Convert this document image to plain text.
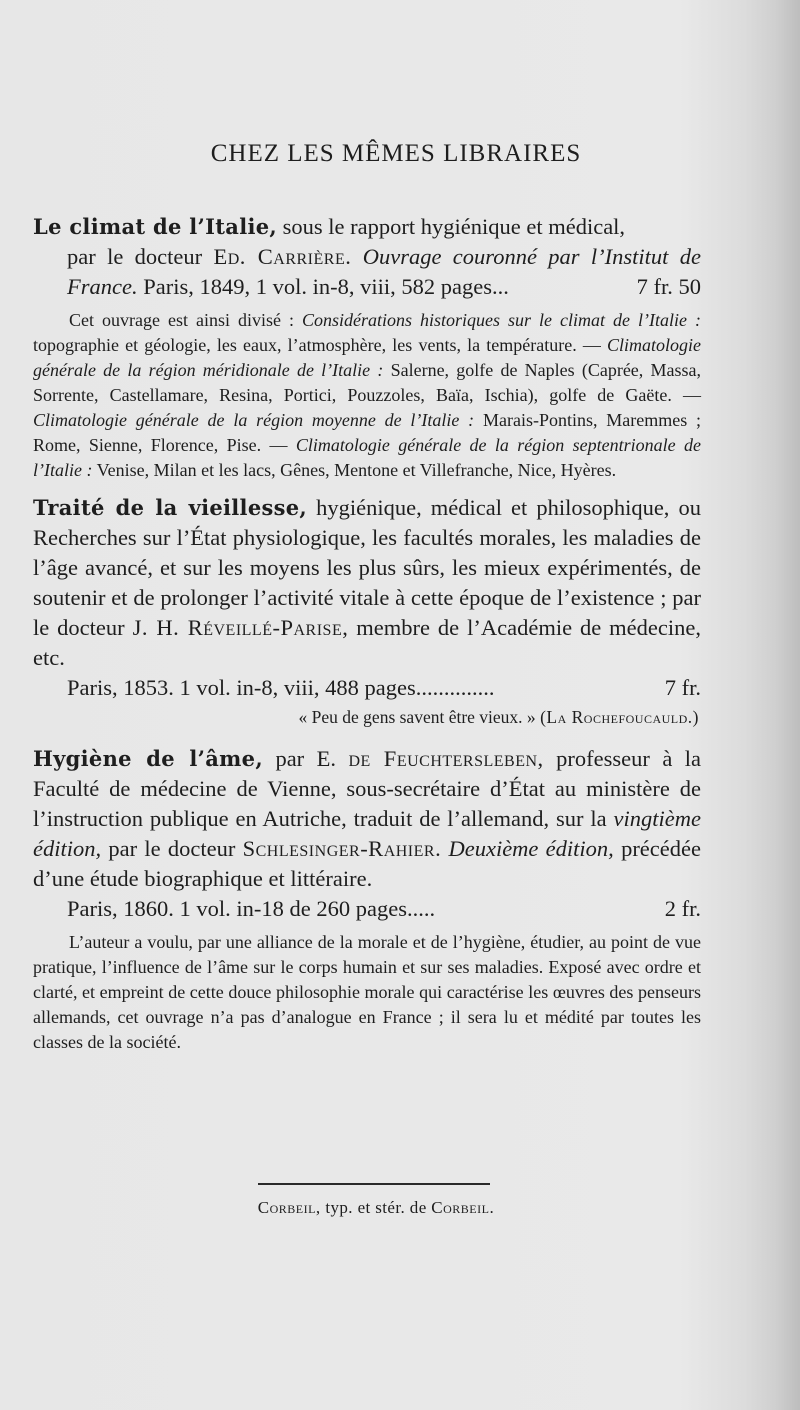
CHEZ LES MÊMES LIBRAIRES

Le climat de l’Italie, sous le rapport hygiénique et médical,

par le docteur Ed. Carrière. Ouvrage couronné par l’Institut de France. Paris, 1849, 1 vol. in-8, viii, 582 pages...	7 fr. 50

Cet ouvrage est ainsi divisé : Considérations historiques sur le climat de l’Italie : topographie et géologie, les eaux, l’atmosphère, les vents, la température. — Climatologie générale de la région méridionale de l’Italie : Salerne, golfe de Naples (Caprée, Massa, Sorrente, Castellamare, Resina, Portici, Pouzzoles, Baïa, Ischia), golfe de Gaëte. — Climatologie générale de la région moyenne de l’Italie : Marais-Pontins, Maremmes ; Rome, Sienne, Florence, Pise. — Climatologie générale de la région septentrionale de l’Italie : Venise, Milan et les lacs, Gênes, Mentone et Villefranche, Nice, Hyères.

Traité de la vieillesse, hygiénique, médical et philosophique, ou Recherches sur l’État physiologique, les facultés morales, les maladies de l’âge avancé, et sur les moyens les plus sûrs, les mieux expérimentés, de soutenir et de prolonger l’activité vitale à cette époque de l’existence ; par le docteur J. H. Réveillé-Parise, membre de l’Académie de médecine, etc.

Paris, 1853. 1 vol. in-8, viii, 488 pages..............	7 fr.

« Peu de gens savent être vieux. » (La Rochefoucauld.)

Hygiène de l’âme, par E. de Feuchtersleben, professeur à la Faculté de médecine de Vienne, sous-secrétaire d’État au ministère de l’instruction publique en Autriche, traduit de l’allemand, sur la vingtième édition, par le docteur Schlesinger-Rahier. Deuxième édition, précédée d’une étude biographique et littéraire.

Paris, 1860. 1 vol. in-18 de 260 pages.....	2 fr.

L’auteur a voulu, par une alliance de la morale et de l’hygiène, étudier, au point de vue pratique, l’influence de l’âme sur le corps humain et sur ses maladies. Exposé avec ordre et clarté, et empreint de cette douce philosophie morale qui caractérise les œuvres des penseurs allemands, cet ouvrage n’a pas d’analogue en France ; il sera lu et médité par toutes les classes de la société.

Corbeil, typ. et stér. de Corbeil.
